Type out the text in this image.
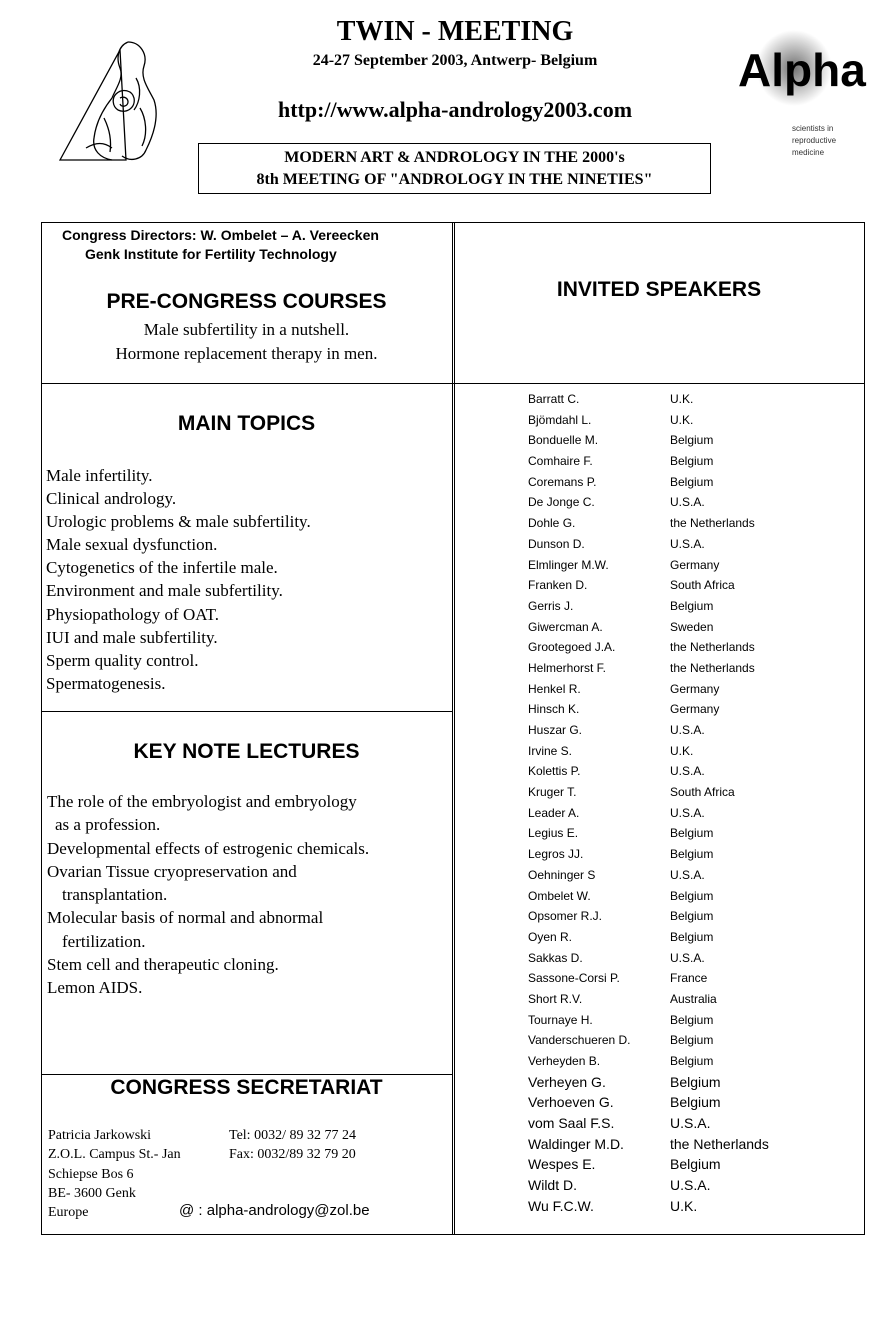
TWIN - MEETING
24-27 September 2003, Antwerp- Belgium
http://www.alpha-andrology2003.com
MODERN ART & ANDROLOGY IN THE 2000's
8th MEETING OF "ANDROLOGY IN THE NINETIES"
Alpha
scientists in
reproductive
medicine
Congress Directors: W. Ombelet – A. Vereecken
Genk Institute for Fertility Technology
PRE-CONGRESS COURSES
Male subfertility in a nutshell.
Hormone replacement therapy in men.
INVITED SPEAKERS
MAIN TOPICS
Male infertility.
Clinical andrology.
Urologic problems & male subfertility.
Male sexual dysfunction.
Cytogenetics of the infertile male.
Environment and male subfertility.
Physiopathology of OAT.
IUI and male subfertility.
Sperm quality control.
Spermatogenesis.
KEY NOTE LECTURES
The role of the embryologist and embryology
as a profession.
Developmental effects of estrogenic chemicals.
Ovarian Tissue cryopreservation and
transplantation.
Molecular basis of normal and abnormal
fertilization.
Stem cell and therapeutic cloning.
Lemon AIDS.
CONGRESS SECRETARIAT
Patricia Jarkowski
Z.O.L. Campus St.- Jan
Schiepse Bos 6
BE- 3600 Genk
Europe
Tel: 0032/ 89 32 77 24
Fax: 0032/89 32 79 20
@ : alpha-andrology@zol.be
Barratt C.	U.K.
Bjömdahl L.	U.K.
Bonduelle M.	Belgium
Comhaire F.	Belgium
Coremans P.	Belgium
De Jonge C.	U.S.A.
Dohle G.	the Netherlands
Dunson D.	U.S.A.
Elmlinger M.W.	Germany
Franken D.	South Africa
Gerris J.	Belgium
Giwercman A.	Sweden
Grootegoed J.A.	the Netherlands
Helmerhorst F.	the Netherlands
Henkel R.	Germany
Hinsch K.	Germany
Huszar G.	U.S.A.
Irvine S.	U.K.
Kolettis P.	U.S.A.
Kruger T.	South Africa
Leader A.	U.S.A.
Legius E.	Belgium
Legros JJ.	Belgium
Oehninger S	U.S.A.
Ombelet W.	Belgium
Opsomer R.J.	Belgium
Oyen R.	Belgium
Sakkas D.	U.S.A.
Sassone-Corsi P.	France
Short R.V.	Australia
Tournaye H.	Belgium
Vanderschueren D.	Belgium
Verheyden B.	Belgium
Verheyen G.	Belgium
Verhoeven G.	Belgium
vom Saal F.S.	U.S.A.
Waldinger M.D.	the Netherlands
Wespes E.	Belgium
Wildt D.	U.S.A.
Wu F.C.W.	U.K.
